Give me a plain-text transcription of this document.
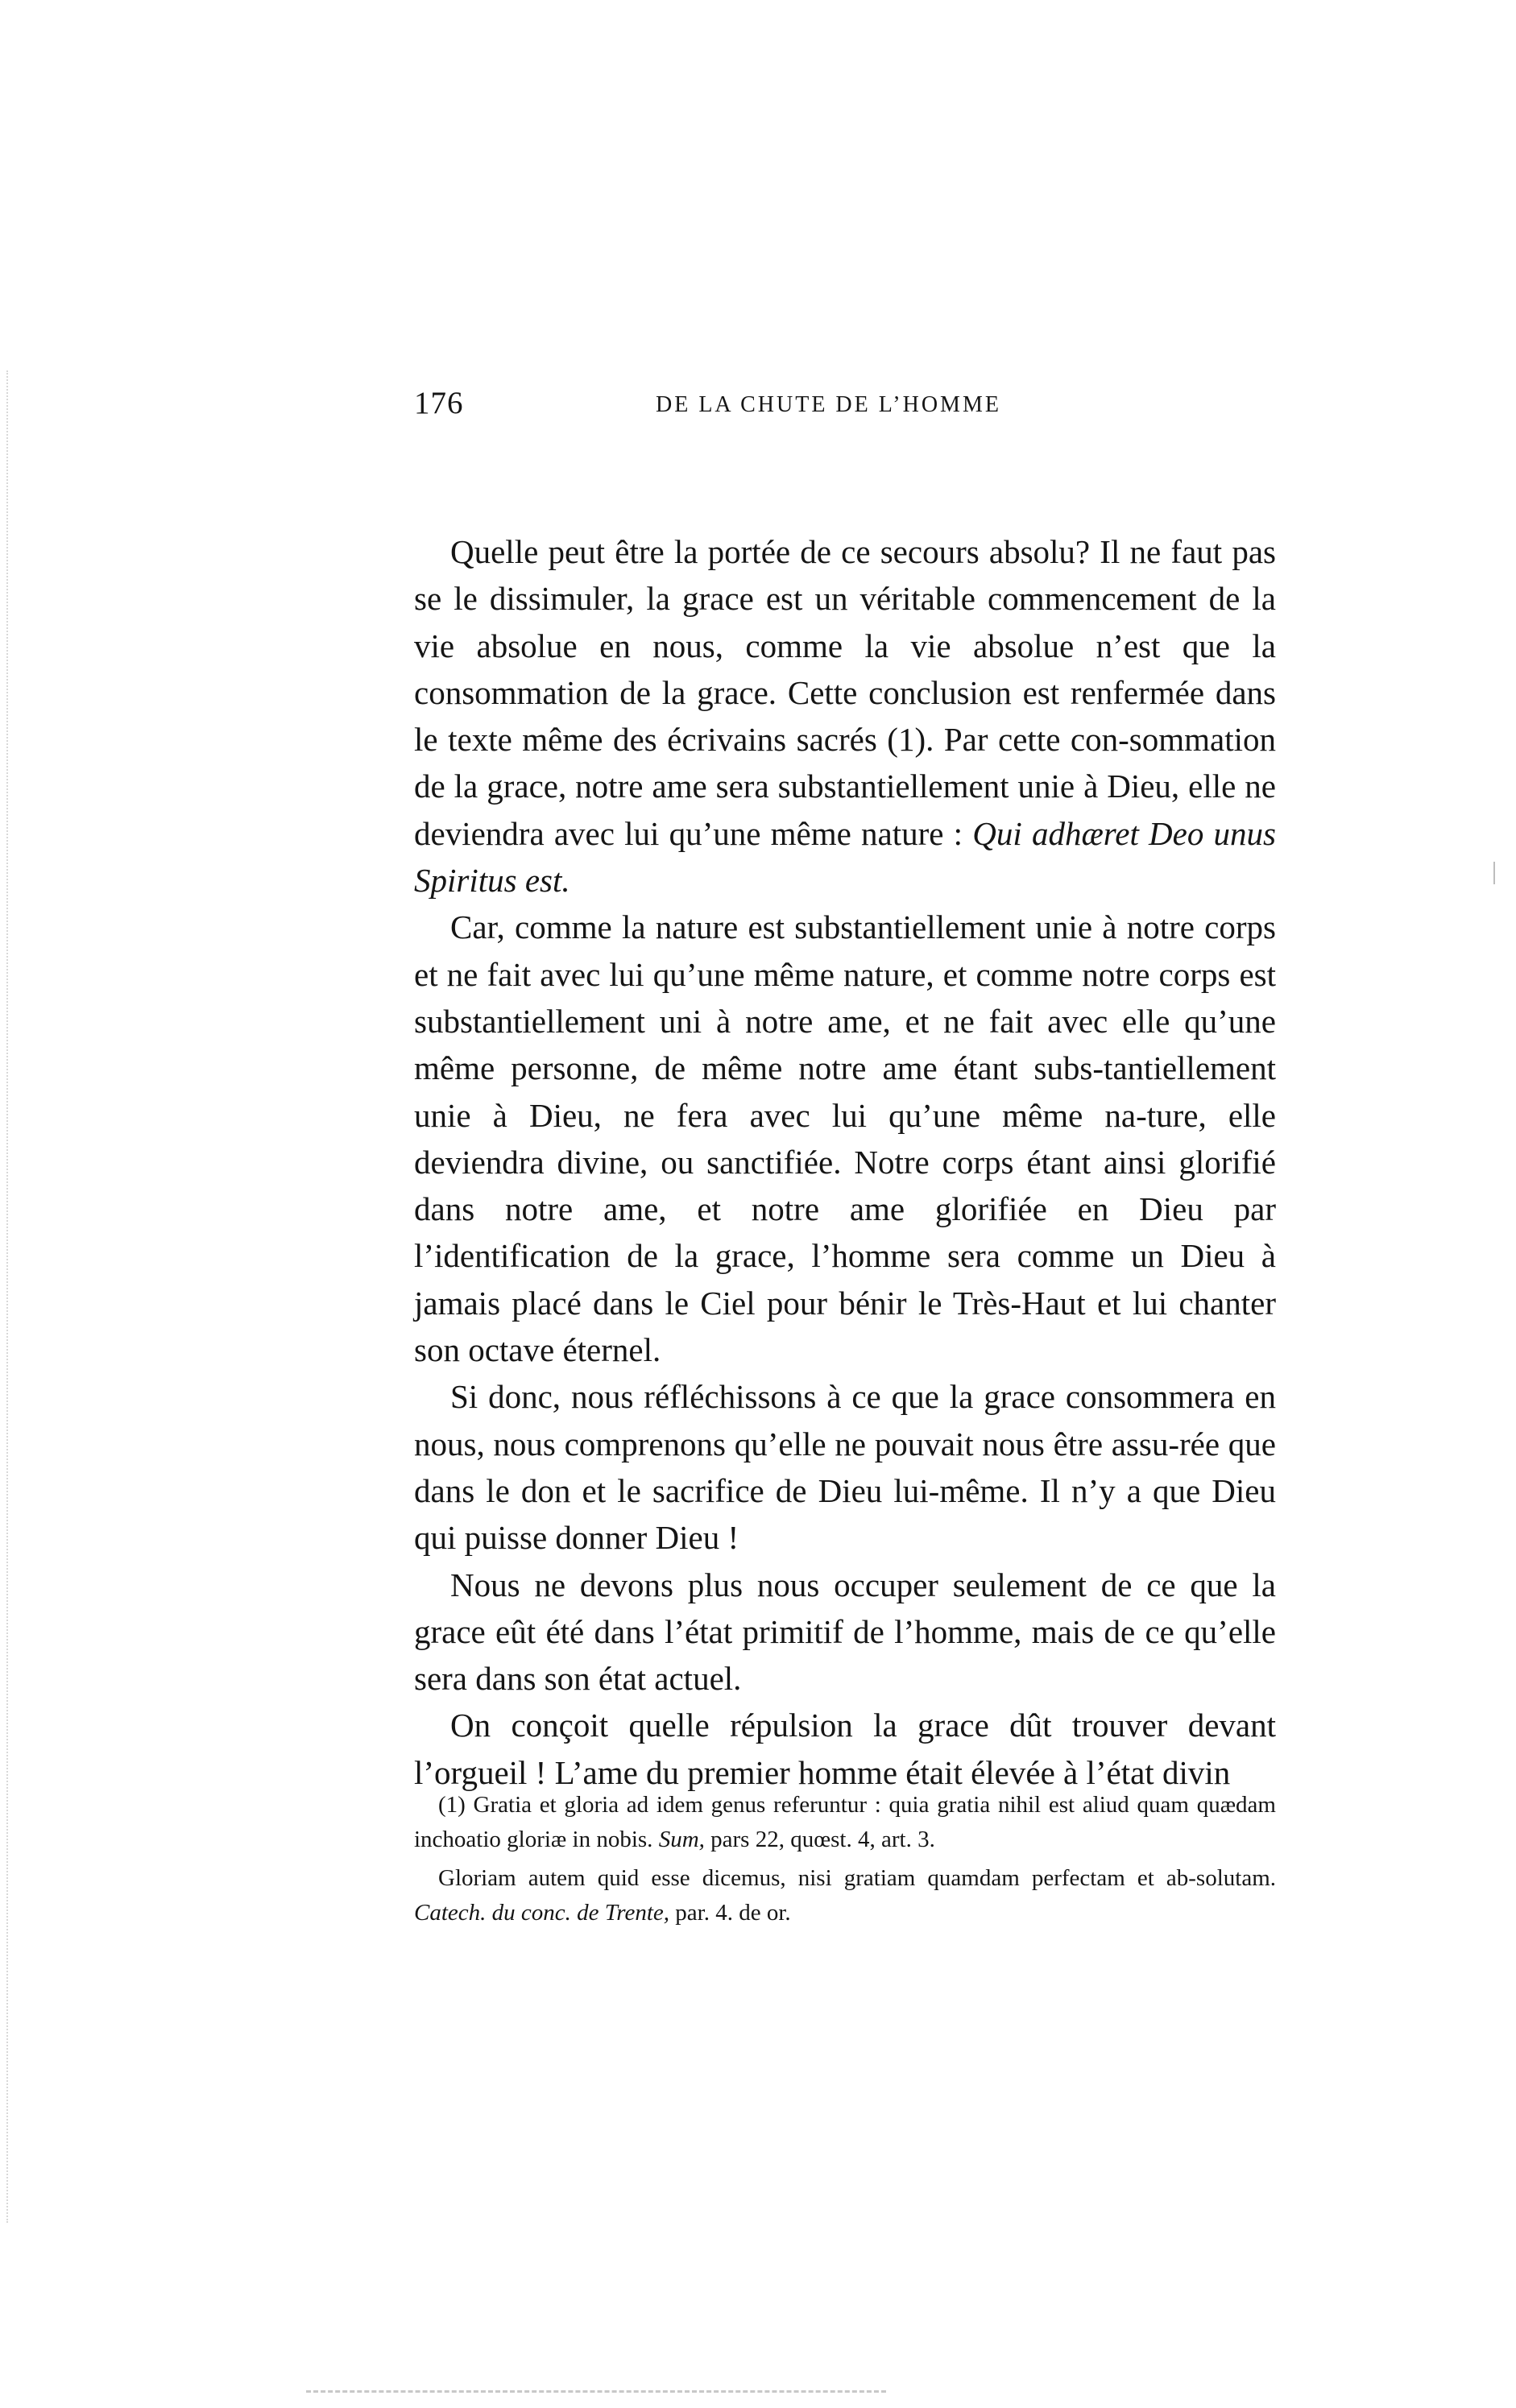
176	DE LA CHUTE DE L’HOMME

Quelle peut être la portée de ce secours absolu? Il ne faut pas se le dissimuler, la grace est un véritable commencement de la vie absolue en nous, comme la vie absolue n’est que la consommation de la grace. Cette conclusion est renfermée dans le texte même des écrivains sacrés (1). Par cette con-sommation de la grace, notre ame sera substantiellement unie à Dieu, elle ne deviendra avec lui qu’une même nature : Qui adhæret Deo unus Spiritus est.

Car, comme la nature est substantiellement unie à notre corps et ne fait avec lui qu’une même nature, et comme notre corps est substantiellement uni à notre ame, et ne fait avec elle qu’une même personne, de même notre ame étant subs-tantiellement unie à Dieu, ne fera avec lui qu’une même na-ture, elle deviendra divine, ou sanctifiée. Notre corps étant ainsi glorifié dans notre ame, et notre ame glorifiée en Dieu par l’identification de la grace, l’homme sera comme un Dieu à jamais placé dans le Ciel pour bénir le Très-Haut et lui chanter son octave éternel.

Si donc, nous réfléchissons à ce que la grace consommera en nous, nous comprenons qu’elle ne pouvait nous être assu-rée que dans le don et le sacrifice de Dieu lui-même. Il n’y a que Dieu qui puisse donner Dieu !

Nous ne devons plus nous occuper seulement de ce que la grace eût été dans l’état primitif de l’homme, mais de ce qu’elle sera dans son état actuel.

On conçoit quelle répulsion la grace dût trouver devant l’orgueil ! L’ame du premier homme était élevée à l’état divin

(1) Gratia et gloria ad idem genus referuntur : quia gratia nihil est aliud quam quædam inchoatio gloriæ in nobis. Sum, pars 22, quœst. 4, art. 3.

Gloriam autem quid esse dicemus, nisi gratiam quamdam perfectam et ab-solutam. Catech. du conc. de Trente, par. 4. de or.
